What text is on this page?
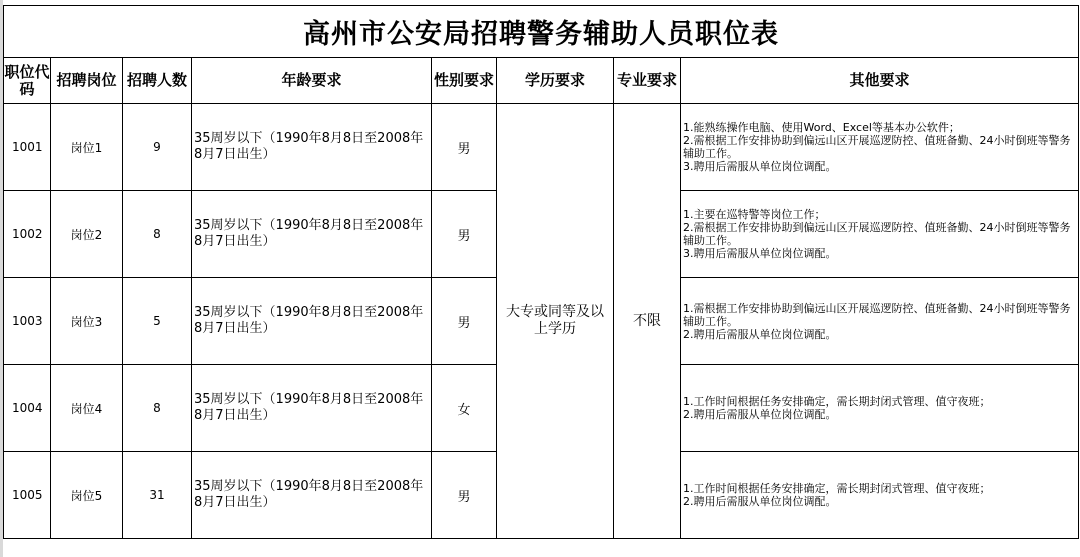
高州市公安局招聘警务辅助人员职位表							
职位代码	招聘岗位	招聘人数	年龄要求	性别要求	学历要求	专业要求	其他要求
1001	岗位1	9	35周岁以下（1990年8月8日至2008年8月7日出生）	男	大专或同等及以上学历	不限	1.能熟练操作电脑、使用Word、Excel等基本办公软件；
2.需根据工作安排协助到偏远山区开展巡逻防控、值班备勤、24小时倒班等警务辅助工作。
3.聘用后需服从单位岗位调配。

1002	岗位2	8	35周岁以下（1990年8月8日至2008年8月7日出生）	男			1.主要在巡特警等岗位工作；
2.需根据工作安排协助到偏远山区开展巡逻防控、值班备勤、24小时倒班等警务辅助工作。
3.聘用后需服从单位岗位调配。

1003	岗位3	5	35周岁以下（1990年8月8日至2008年8月7日出生）	男			1.需根据工作安排协助到偏远山区开展巡逻防控、值班备勤、24小时倒班等警务辅助工作。
2.聘用后需服从单位岗位调配。

1004	岗位4	8	35周岁以下（1990年8月8日至2008年8月7日出生）	女			1.工作时间根据任务安排确定，需长期封闭式管理、值守夜班；
2.聘用后需服从单位岗位调配。

1005	岗位5	31	35周岁以下（1990年8月8日至2008年8月7日出生）	男			1.工作时间根据任务安排确定，需长期封闭式管理、值守夜班；
2.聘用后需服从单位岗位调配。
